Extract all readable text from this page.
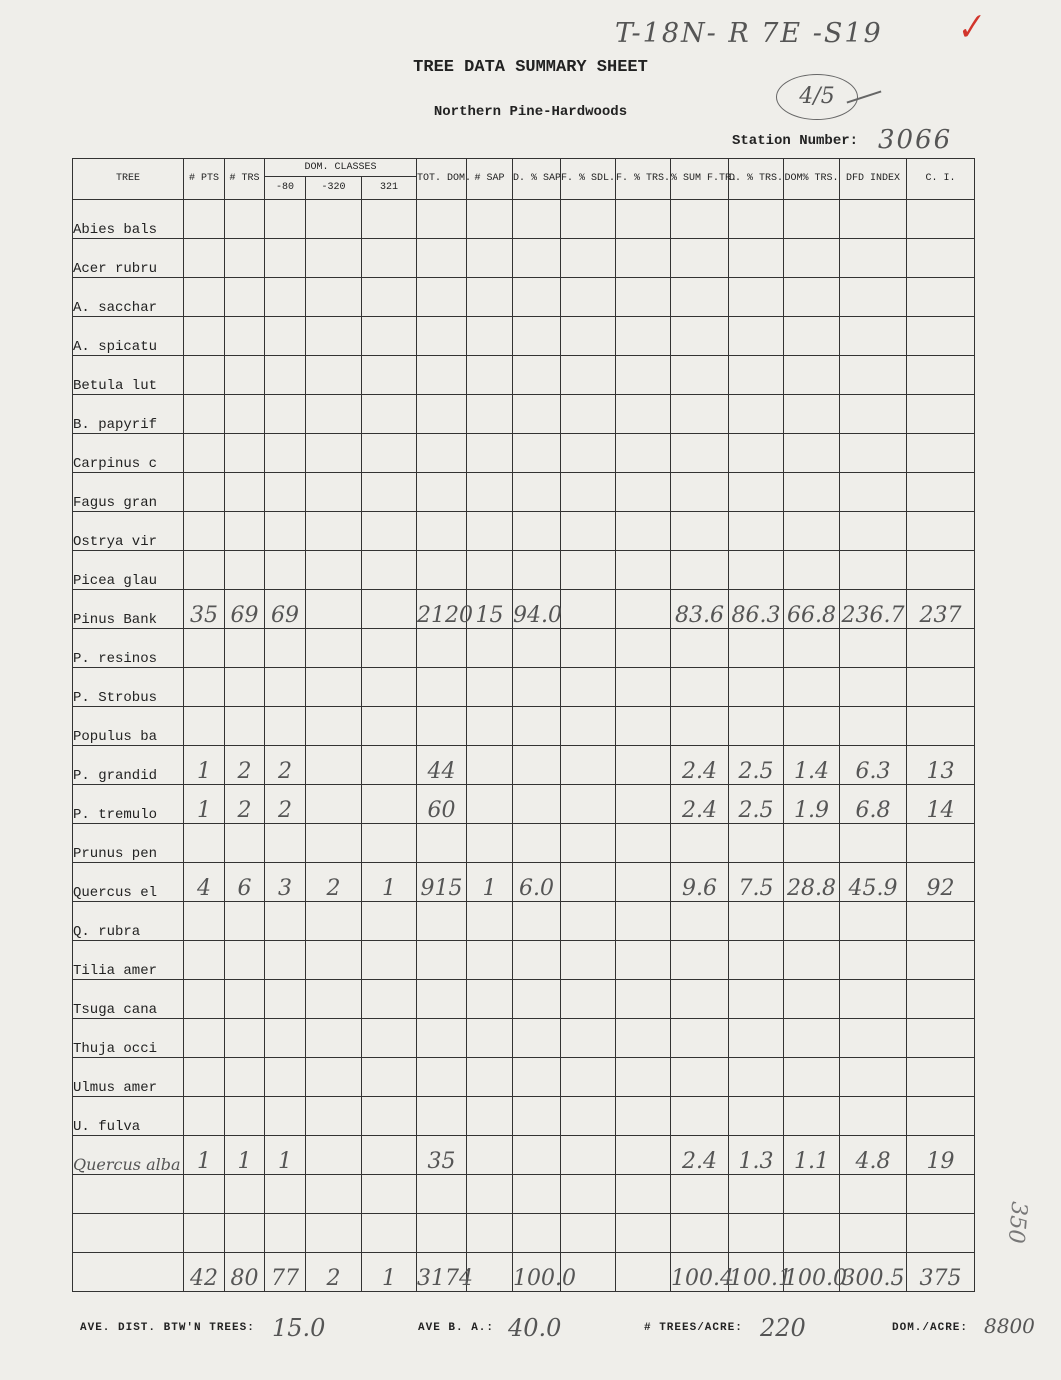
T-18N- R 7E -S19 ✓
TREE DATA SUMMARY SHEET
4/5
Northern Pine-Hardwoods
Station Number: 3066
TREE	# PTS	# TRS	DOM. CLASSES			TOT. DOM.	# SAP	D. % SAP	F. % SDL.	F. % TRS.	% SUM F.TR.	D. % TRS.	DOM% TRS.	DFD INDEX	C. I.
			-80	-320	321										
Abies bals															
Acer rubru															
A. sacchar															
A. spicatu															
Betula lut															
B. papyrif															
Carpinus c															
Fagus gran															
Ostrya vir															
Picea glau															
Pinus Bank	35	69	69			2120	15	94.0			83.6	86.3	66.8	236.7	237
P. resinos															
P. Strobus															
Populus ba															
P. grandid	1	2	2			44					2.4	2.5	1.4	6.3	13
P. tremulo	1	2	2			60					2.4	2.5	1.9	6.8	14
Prunus pen															
Quercus el	4	6	3	2	1	915	1	6.0			9.6	7.5	28.8	45.9	92
Q. rubra															
Tilia amer															
Tsuga cana															
Thuja occi															
Ulmus amer															
U. fulva															
Quercus alba	1	1	1			35					2.4	1.3	1.1	4.8	19

	42	80	77	2	1	3174		100.0			100.4	100.1	100.0	300.5	375
AVE. DIST. BTW'N TREES: 15.0	AVE B. A.: 40.0	# TREES/ACRE: 220	DOM./ACRE: 8800
350
